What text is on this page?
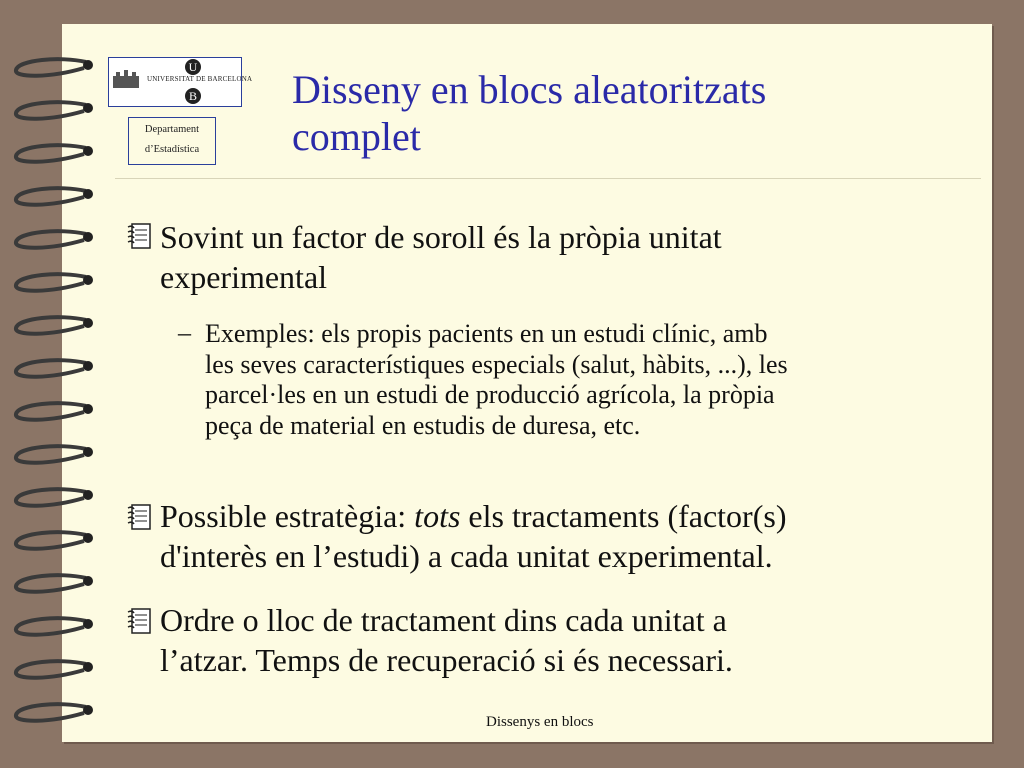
U
UNIVERSITAT DE BARCELONA
B
Departament
d’Estadística
Disseny en blocs aleatoritzats
complet
Sovint un factor de soroll és la pròpia unitat
experimental
– Exemples: els propis pacients en un estudi clínic, amb
les seves característiques especials (salut, hàbits, ...), les
parcel·les en un estudi de producció agrícola, la pròpia
peça de material en estudis de duresa, etc.
Possible estratègia: tots els tractaments (factor(s)
d'interès en l’estudi) a cada unitat experimental.
Ordre o lloc de tractament dins cada unitat a
l’atzar. Temps de recuperació si és necessari.
Dissenys en blocs
